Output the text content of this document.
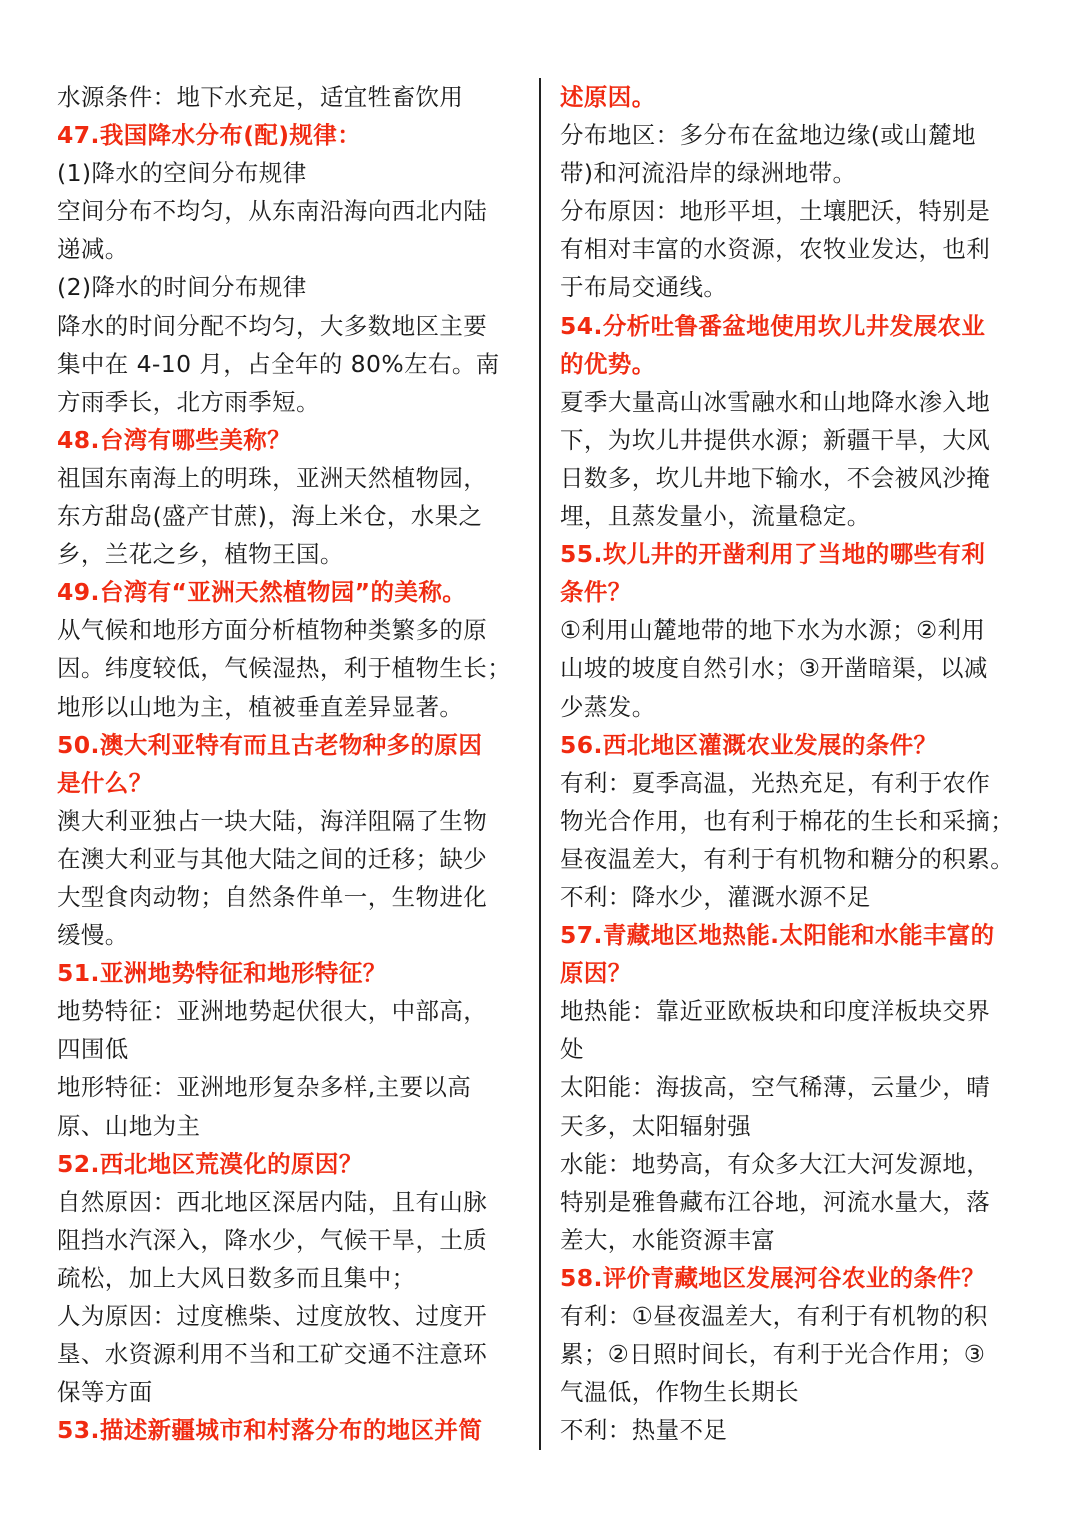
水源条件：地下水充足，适宜牲畜饮用
47.我国降水分布(配)规律：
(1)降水的空间分布规律
空间分布不均匀，从东南沿海向西北内陆
递减。
(2)降水的时间分布规律
降水的时间分配不均匀，大多数地区主要
集中在 4-10 月，占全年的 80%左右。南
方雨季长，北方雨季短。
48.台湾有哪些美称？
祖国东南海上的明珠，亚洲天然植物园，
东方甜岛(盛产甘蔗)，海上米仓，水果之
乡，兰花之乡，植物王国。
49.台湾有“亚洲天然植物园”的美称。
从气候和地形方面分析植物种类繁多的原
因。纬度较低，气候湿热，利于植物生长；
地形以山地为主，植被垂直差异显著。
50.澳大利亚特有而且古老物种多的原因
是什么？
澳大利亚独占一块大陆，海洋阻隔了生物
在澳大利亚与其他大陆之间的迁移；缺少
大型食肉动物；自然条件单一，生物进化
缓慢。
51.亚洲地势特征和地形特征？
地势特征：亚洲地势起伏很大，中部高，
四围低
地形特征：亚洲地形复杂多样,主要以高
原、山地为主
52.西北地区荒漠化的原因？
自然原因：西北地区深居内陆，且有山脉
阻挡水汽深入，降水少，气候干旱，土质
疏松，加上大风日数多而且集中；
人为原因：过度樵柴、过度放牧、过度开
垦、水资源利用不当和工矿交通不注意环
保等方面
53.描述新疆城市和村落分布的地区并简
述原因。
分布地区：多分布在盆地边缘(或山麓地
带)和河流沿岸的绿洲地带。
分布原因：地形平坦，土壤肥沃，特别是
有相对丰富的水资源，农牧业发达，也利
于布局交通线。
54.分析吐鲁番盆地使用坎儿井发展农业
的优势。
夏季大量高山冰雪融水和山地降水渗入地
下，为坎儿井提供水源；新疆干旱，大风
日数多，坎儿井地下输水，不会被风沙掩
埋，且蒸发量小，流量稳定。
55.坎儿井的开凿利用了当地的哪些有利
条件？
①利用山麓地带的地下水为水源；②利用
山坡的坡度自然引水；③开凿暗渠，以减
少蒸发。
56.西北地区灌溉农业发展的条件？
有利：夏季高温，光热充足，有利于农作
物光合作用，也有利于棉花的生长和采摘；
昼夜温差大，有利于有机物和糖分的积累。
不利：降水少，灌溉水源不足
57.青藏地区地热能.太阳能和水能丰富的
原因？
地热能：靠近亚欧板块和印度洋板块交界
处
太阳能：海拔高，空气稀薄，云量少，晴
天多，太阳辐射强
水能：地势高，有众多大江大河发源地，
特别是雅鲁藏布江谷地，河流水量大，落
差大，水能资源丰富
58.评价青藏地区发展河谷农业的条件？
有利：①昼夜温差大，有利于有机物的积
累；②日照时间长，有利于光合作用；③
气温低，作物生长期长
不利：热量不足
